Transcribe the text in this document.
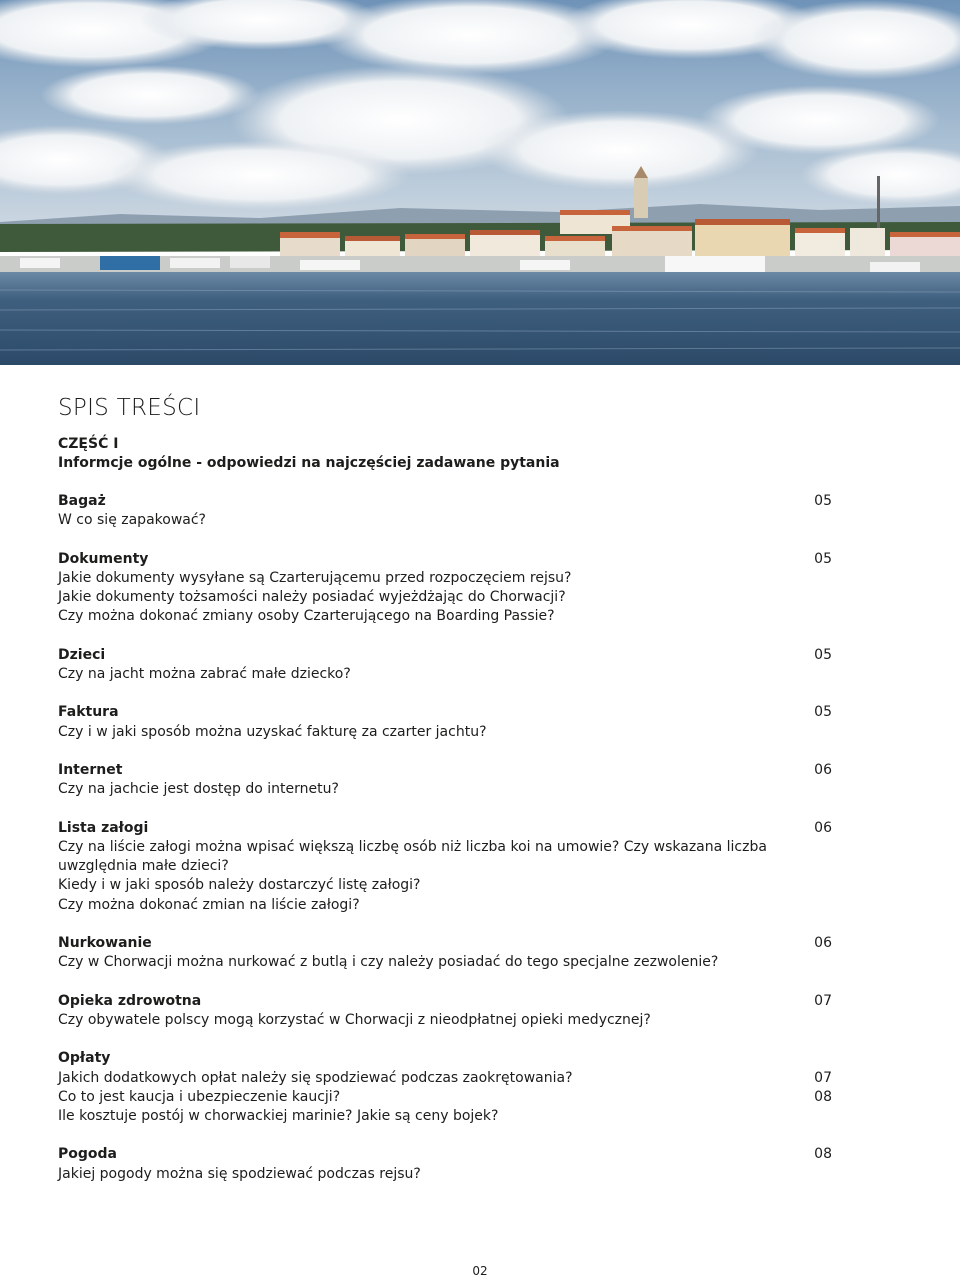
SPIS TREŚCI
CZĘŚĆ I
Informcje ogólne - odpowiedzi na najczęściej zadawane pytania
Bagaż	05
W co się zapakować?
Dokumenty	05
Jakie dokumenty wysyłane są Czarterującemu przed rozpoczęciem rejsu?
Jakie dokumenty tożsamości należy posiadać wyjeżdżając do Chorwacji?
Czy można dokonać zmiany osoby Czarterującego na Boarding Passie?
Dzieci	05
Czy na jacht można zabrać małe dziecko?
Faktura	05
Czy i w jaki sposób można uzyskać fakturę za czarter jachtu?
Internet	06
Czy na jachcie jest dostęp do internetu?
Lista załogi	06
Czy na liście załogi można wpisać większą liczbę osób niż liczba koi na umowie? Czy wskazana liczba uwzględnia małe dzieci?
Kiedy i w jaki sposób należy dostarczyć listę załogi?
Czy można dokonać zmian na liście załogi?
Nurkowanie	06
Czy w Chorwacji można nurkować z butlą i czy należy posiadać do tego specjalne zezwolenie?
Opieka zdrowotna	07
Czy obywatele polscy mogą korzystać w Chorwacji z nieodpłatnej opieki medycznej?
Opłaty
Jakich dodatkowych opłat należy się spodziewać podczas zaokrętowania?	07
Co to jest kaucja i ubezpieczenie kaucji?	08
Ile kosztuje postój w chorwackiej marinie? Jakie są ceny bojek?
Pogoda	08
Jakiej pogody można się spodziewać podczas rejsu?
02
